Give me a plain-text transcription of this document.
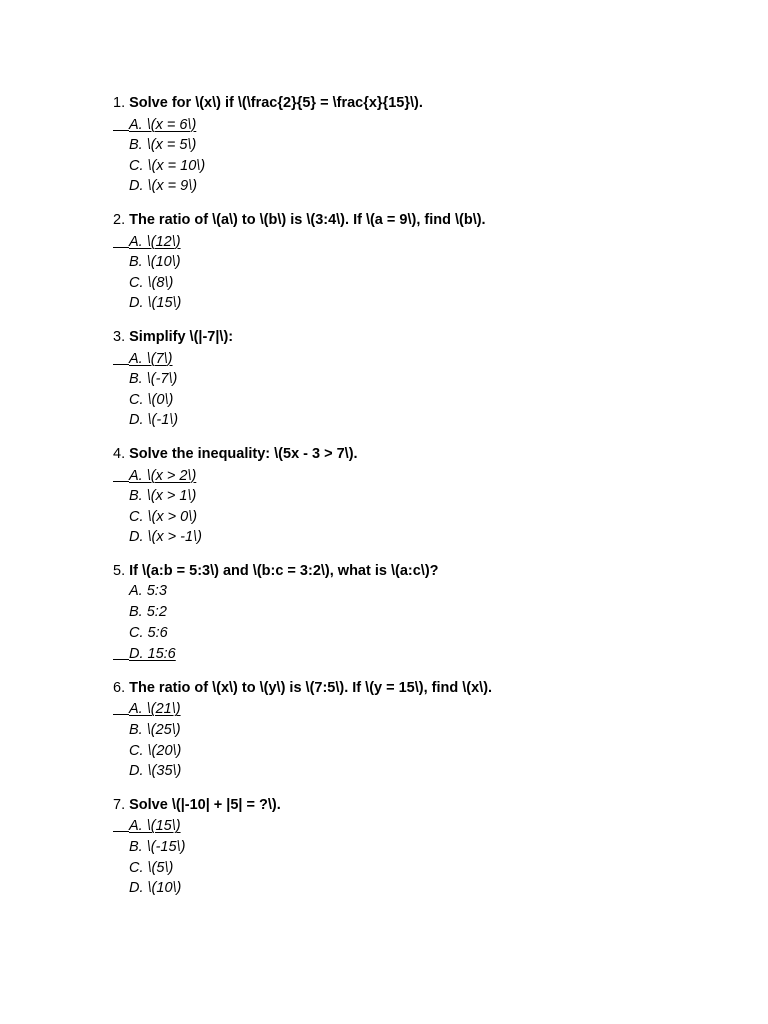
1. Solve for \(x\) if \(\frac{2}{5} = \frac{x}{15}\).
A. \(x = 6\)
B. \(x = 5\)
C. \(x = 10\)
D. \(x = 9\)
2. The ratio of \(a\) to \(b\) is \(3:4\). If \(a = 9\), find \(b\).
A. \(12\)
B. \(10\)
C. \(8\)
D. \(15\)
3. Simplify \(|-7|\):
A. \(7\)
B. \(-7\)
C. \(0\)
D. \(-1\)
4. Solve the inequality: \(5x - 3 > 7\).
A. \(x > 2\)
B. \(x > 1\)
C. \(x > 0\)
D. \(x > -1\)
5. If \(a:b = 5:3\) and \(b:c = 3:2\), what is \(a:c\)?
A. 5:3
B. 5:2
C. 5:6
D. 15:6
6. The ratio of \(x\) to \(y\) is \(7:5\). If \(y = 15\), find \(x\).
A. \(21\)
B. \(25\)
C. \(20\)
D. \(35\)
7. Solve \(|-10| + |5| = ?\).
A. \(15\)
B. \(-15\)
C. \(5\)
D. \(10\)
